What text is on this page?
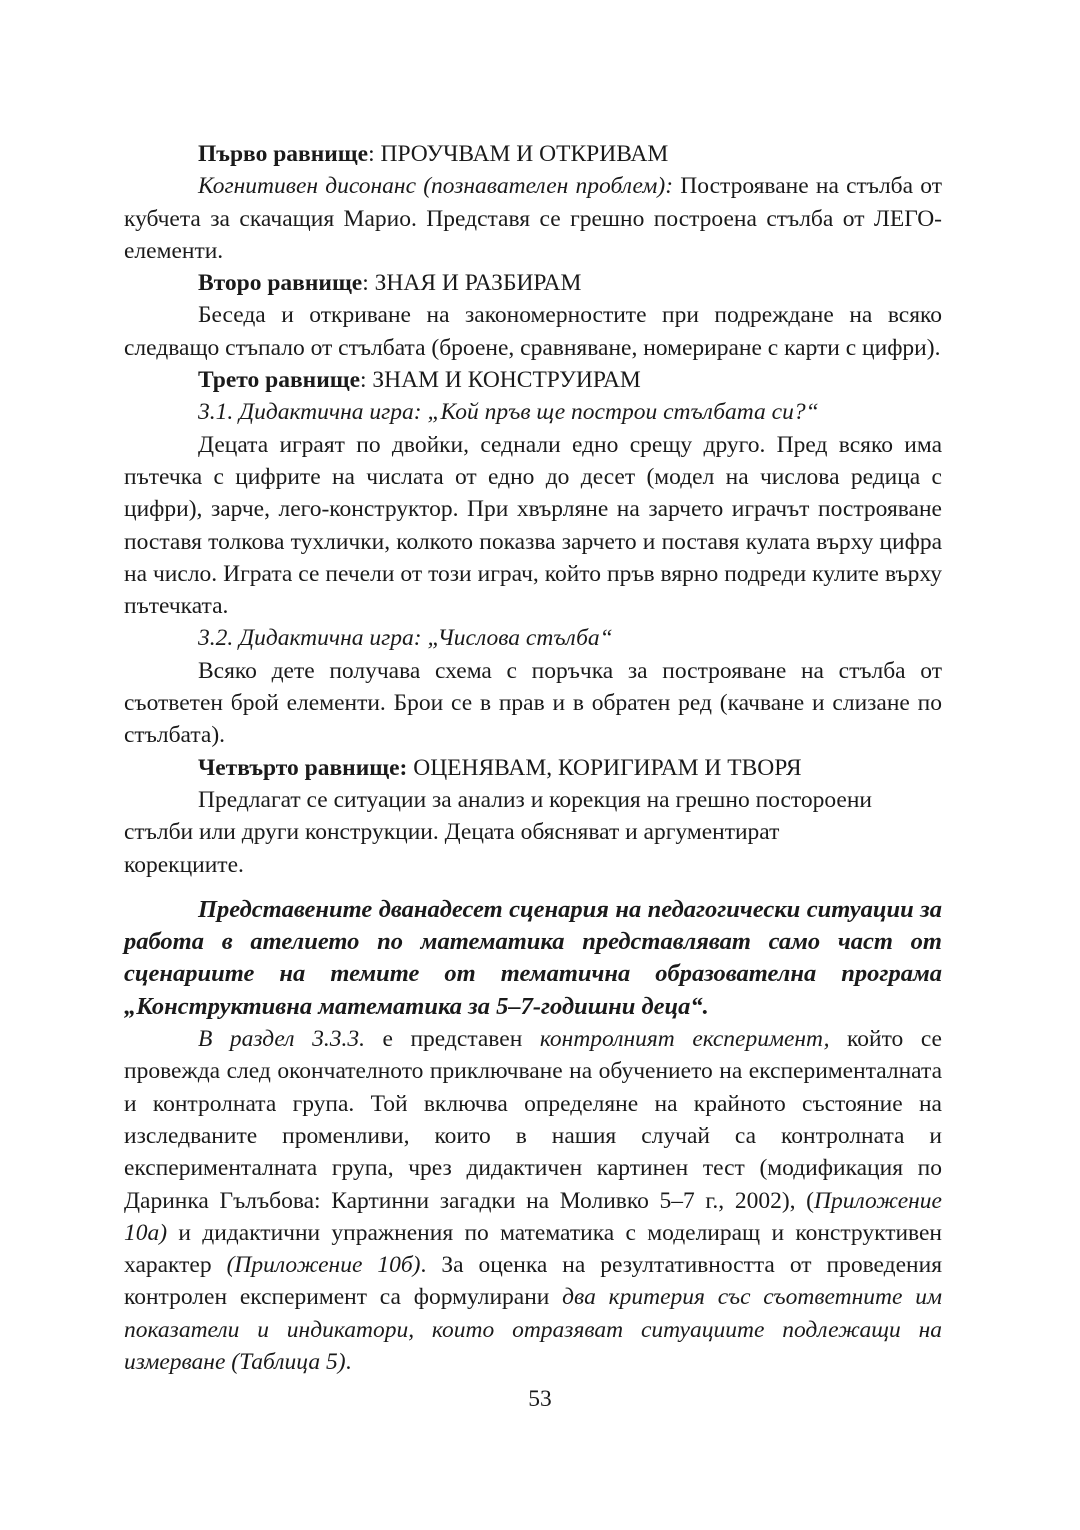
Първо равнище: ПРОУЧВАМ И ОТКРИВАМ

Когнитивен дисонанс (познавателен проблем): Построяване на стълба от кубчета за скачащия Марио. Представя се грешно построена стълба от ЛЕГО-елементи.

Второ равнище: ЗНАЯ И РАЗБИРАМ

Беседа и откриване на закономерностите при подреждане на всяко следващо стъпало от стълбата (броене, сравняване, номериране с карти с цифри).

Трето равнище: ЗНАМ И КОНСТРУИРАМ

3.1. Дидактична игра: „Кой пръв ще построи стълбата си?“

Децата играят по двойки, седнали едно срещу друго. Пред всяко има пътечка с цифрите на числата от едно до десет (модел на числова редица с цифри), зарче, лего-конструктор. При хвърляне на зарчето играчът построяване поставя толкова тухлички, колкото показва зарчето и поставя кулата върху цифра на число. Играта се печели от този играч, който пръв вярно подреди кулите върху пътечката.

3.2. Дидактична игра: „Числова стълба“

Всяко дете получава схема с поръчка за построяване на стълба от съответен брой елементи. Брои се в прав и в обратен ред (качване и слизане по стълбата).

Четвърто равнище: ОЦЕНЯВАМ, КОРИГИРАМ И ТВОРЯ

Предлагат се ситуации за анализ и корекция на грешно постороени

стълби или други конструкции. Децата обясняват и аргументират

корекциите.

Представените дванадесет сценария на педагогически ситуации за работа в ателието по математика представляват само част от сценариите на темите от тематична образователна програма „Конструктивна математика за 5–7-годишни деца“.

В раздел 3.3.3. е представен контролният експеримент, който се провежда след окончателното приключване на обучението на експерименталната и контролната група. Той включва определяне на крайното състояние на изследваните променливи, които в нашия случай са контролната и експерименталната група, чрез дидактичен картинен тест (модификация по Даринка Гълъбова: Картинни загадки на Моливко 5–7 г., 2002), (Приложение 10а) и дидактични упражнения по математика с моделиращ и конструктивен характер (Приложение 10б). За оценка на резултативността от проведения контролен експеримент са формулирани два критерия със съответните им показатели и индикатори, които отразяват ситуациите подлежащи на измерване (Таблица 5).

53
